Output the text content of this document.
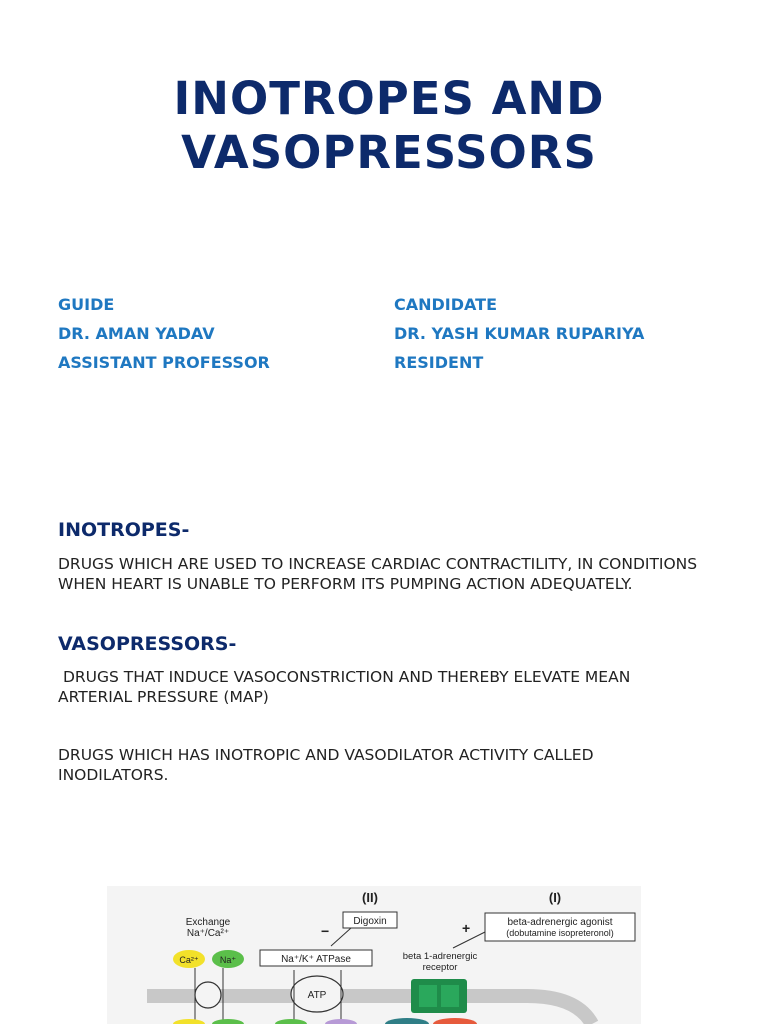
INOTROPES AND
VASOPRESSORS
GUIDE
DR. AMAN YADAV
ASSISTANT PROFESSOR
CANDIDATE
DR. YASH KUMAR RUPARIYA
RESIDENT
INOTROPES-

DRUGS WHICH ARE USED TO INCREASE CARDIAC CONTRACTILITY, IN CONDITIONS WHEN HEART IS UNABLE TO PERFORM ITS PUMPING ACTION ADEQUATELY.

VASOPRESSORS-

DRUGS THAT INDUCE VASOCONSTRICTION AND THEREBY ELEVATE MEAN ARTERIAL PRESSURE (MAP)

DRUGS WHICH HAS INOTROPIC AND VASODILATOR ACTIVITY CALLED INODILATORS.

(II)	(I)
Exchange
Na⁺/Ca²⁺
Digoxin
−
beta-adrenergic agonist
(dobutamine isopreteronol)
+
Ca²⁺ Na⁺	Na⁺/K⁺ ATPase	beta 1-adrenergic
receptor
ATP
